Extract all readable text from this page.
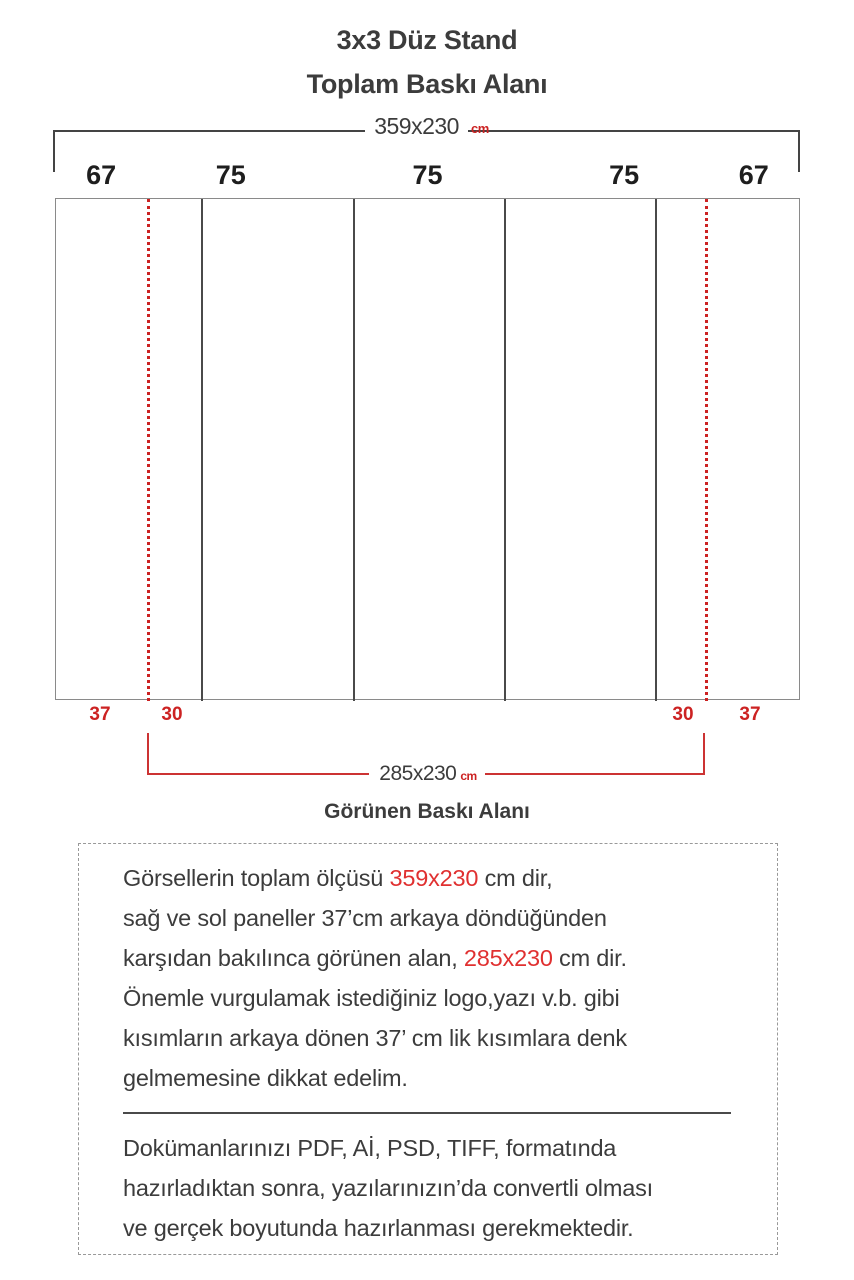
3x3 Düz Stand
Toplam Baskı Alanı
359x230 cm
67	75	75	75	67
37	30	30 37
285x230 cm
Görünen Baskı Alanı
Görsellerin toplam ölçüsü 359x230 cm dir,
sağ ve sol paneller 37’cm arkaya döndüğünden
karşıdan bakılınca görünen alan, 285x230 cm dir.
Önemle vurgulamak istediğiniz logo,yazı v.b. gibi
kısımların arkaya dönen 37’ cm lik kısımlara denk
gelmemesine dikkat edelim.
Dokümanlarınızı PDF, Aİ, PSD, TIFF, formatında
hazırladıktan sonra, yazılarınızın’da convertli olması
ve gerçek boyutunda hazırlanması gerekmektedir.
